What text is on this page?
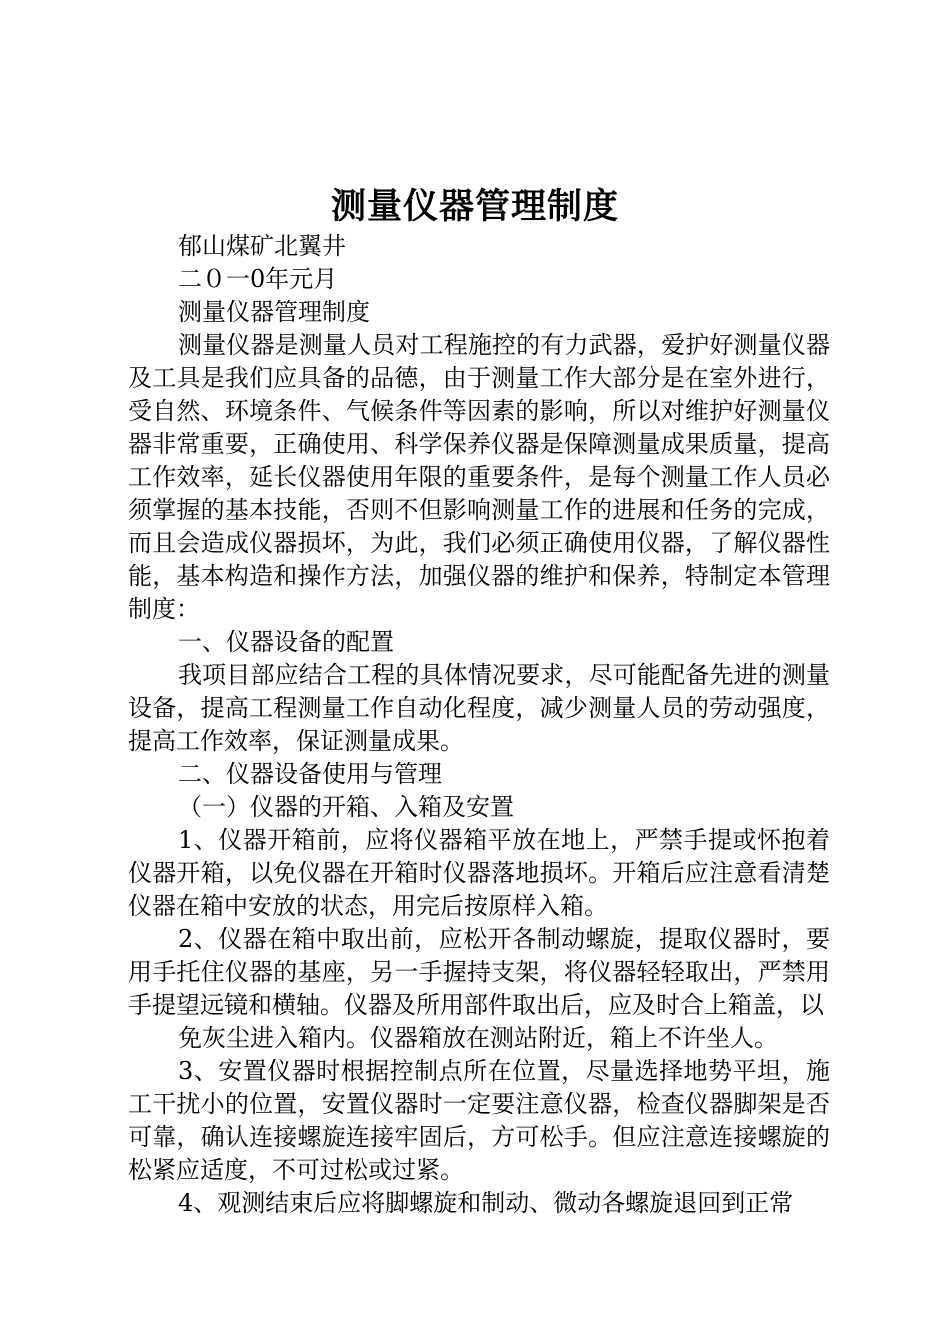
测量仪器管理制度

郁山煤矿北翼井

二０一0年元月

测量仪器管理制度

测量仪器是测量人员对工程施控的有力武器，爱护好测量仪器及工具是我们应具备的品德，由于测量工作大部分是在室外进行，受自然、环境条件、气候条件等因素的影响，所以对维护好测量仪器非常重要，正确使用、科学保养仪器是保障测量成果质量，提高工作效率，延长仪器使用年限的重要条件，是每个测量工作人员必须掌握的基本技能，否则不但影响测量工作的进展和任务的完成，而且会造成仪器损坏，为此，我们必须正确使用仪器，了解仪器性能，基本构造和操作方法，加强仪器的维护和保养，特制定本管理制度：

一、仪器设备的配置

我项目部应结合工程的具体情况要求，尽可能配备先进的测量设备，提高工程测量工作自动化程度，减少测量人员的劳动强度，提高工作效率，保证测量成果。

二、仪器设备使用与管理

（一）仪器的开箱、入箱及安置

1、仪器开箱前，应将仪器箱平放在地上，严禁手提或怀抱着仪器开箱，以免仪器在开箱时仪器落地损坏。开箱后应注意看清楚仪器在箱中安放的状态，用完后按原样入箱。

2、仪器在箱中取出前，应松开各制动螺旋，提取仪器时，要用手托住仪器的基座，另一手握持支架，将仪器轻轻取出，严禁用手提望远镜和横轴。仪器及所用部件取出后，应及时合上箱盖，以

免灰尘进入箱内。仪器箱放在测站附近，箱上不许坐人。

3、安置仪器时根据控制点所在位置，尽量选择地势平坦，施工干扰小的位置，安置仪器时一定要注意仪器，检查仪器脚架是否可靠，确认连接螺旋连接牢固后，方可松手。但应注意连接螺旋的松紧应适度，不可过松或过紧。

4、观测结束后应将脚螺旋和制动、微动各螺旋退回到正常
